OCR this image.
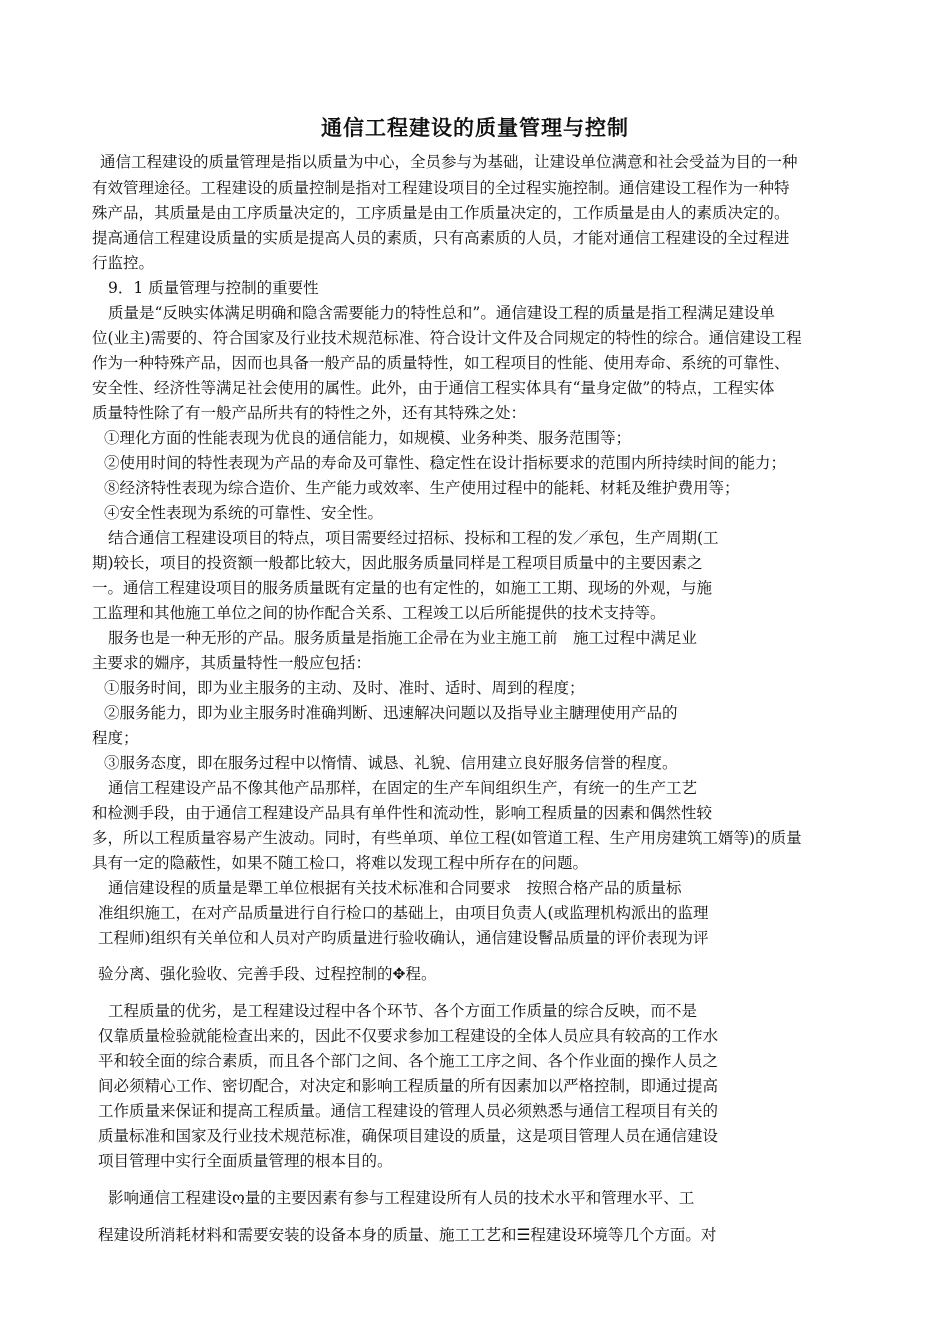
通信工程建设的质量管理与控制
通信工程建设的质量管理是指以质量为中心，全员参与为基础，让建设单位满意和社会受益为目的一种
有效管理途径。工程建设的质量控制是指对工程建设项目的全过程实施控制。通信建设工程作为一种特
殊产品，其质量是由工序质量决定的，工序质量是由工作质量决定的，工作质量是由人的素质决定的。
提高通信工程建设质量的实质是提高人员的素质，只有高素质的人员，才能对通信工程建设的全过程进
行监控。
9．1 质量管理与控制的重要性
质量是“反映实体满足明确和隐含需要能力的特性总和”。通信建设工程的质量是指工程满足建设单
位(业主)需要的、符合国家及行业技术规范标准、符合设计文件及合同规定的特性的综合。通信建设工程
作为一种特殊产品，因而也具备一般产品的质量特性，如工程项目的性能、使用寿命、系统的可靠性、
安全性、经济性等满足社会使用的属性。此外，由于通信工程实体具有“量身定做”的特点，工程实体
质量特性除了有一般产品所共有的特性之外，还有其特殊之处：
①理化方面的性能表现为优良的通信能力，如规模、业务种类、服务范围等；
②使用时间的特性表现为产品的寿命及可靠性、稳定性在设计指标要求的范围内所持续时间的能力；
⑧经济特性表现为综合造价、生产能力或效率、生产使用过程中的能耗、材耗及维护费用等；
④安全性表现为系统的可靠性、安全性。
结合通信工程建设项目的特点，项目需要经过招标、投标和工程的发／承包，生产周期(工
期)较长，项目的投资额一般都比较大，因此服务质量同样是工程项目质量中的主要因素之
一。通信工程建设项目的服务质量既有定量的也有定性的，如施工工期、现场的外观，与施
工监理和其他施工单位之间的协作配合关系、工程竣工以后所能提供的技术支持等。
服务也是一种无形的产品。服务质量是指施工企帚在为业主施工前　施工过程中满足业
主要求的婣序，其质量特性一般应包括：
①服务时间，即为业主服务的主动、及时、准时、适时、周到的程度；
②服务能力，即为业主服务时准确判断、迅速解决问题以及指导业主膅理使用产品的
程度；
③服务态度，即在服务过程中以惰情、诚恳、礼貌、信用建立良好服务信誉的程度。
通信工程建设产品不像其他产品那样，在固定的生产车间组织生产，有统一的生产工艺
和检测手段，由于通信工程建设产品具有单件性和流动性，影响工程质量的因素和偶然性较
多，所以工程质量容易产生波动。同时，有些单项、单位工程(如管道工程、生产用房建筑工婿等)的质量
具有一定的隐蔽性，如果不随工检口，将难以发现工程中所存在的问题。
通信建设程的质量是犟工单位根据有关技术标准和合同要求　按照合格产品的质量标
准组织施工，在对产品质量进行自行检口的基础上，由项目负责人(或监理机构派出的监理
工程师)组织有关单位和人员对产昀质量进行验收确认，通信建设鬙品质量的评价表现为评
验分离、强化验收、完善手段、过程控制的✥程。
工程质量的优劣，是工程建设过程中各个环节、各个方面工作质量的综合反映，而不是
仅靠质量检验就能检查出来的，因此不仅要求参加工程建设的全体人员应具有较高的工作水
平和较全面的综合素质，而且各个部门之间、各个施工工序之间、各个作业面的操作人员之
间必须精心工作、密切配合，对决定和影响工程质量的所有因素加以严格控制，即通过提高
工作质量来保证和提高工程质量。通信工程建设的管理人员必须熟悉与通信工程项目有关的
质量标准和国家及行业技术规范标准，确保项目建设的质量，这是项目管理人员在通信建设
项目管理中实行全面质量管理的根本目的。
影响通信工程建设ო量的主要因素有参与工程建设所有人员的技术水平和管理水平、工
程建设所消耗材料和需要安装的设备本身的质量、施工工艺和☰程建设环境等几个方面。对
